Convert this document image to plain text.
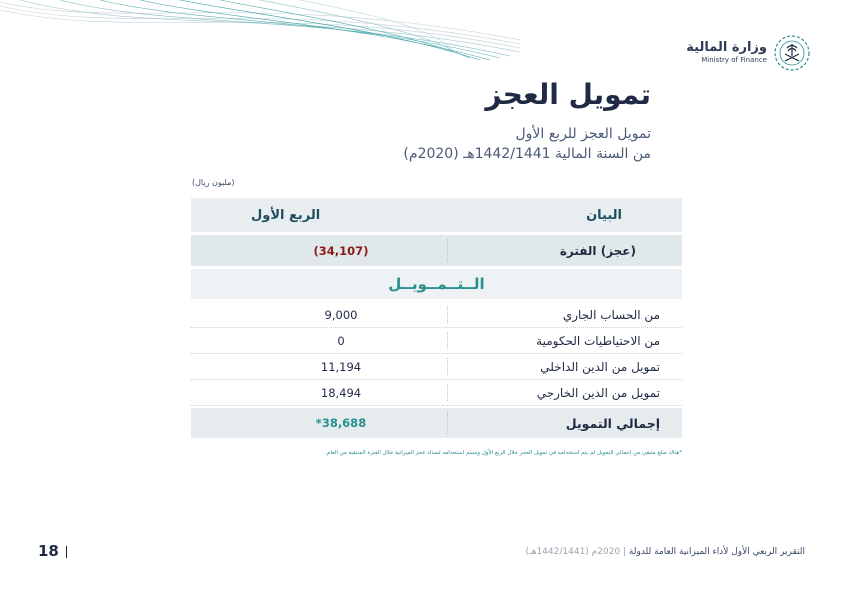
وزارة المالية
Ministry of Finance
تمويل العجز
تمويل العجز للربع الأول
من السنة المالية 1442/1441هـ (2020م)
(مليون ريال)
البيان
الربع الأول
(عجز) الفترة
(34,107)
الــتــمــويــل
من الحساب الجاري
9,000
من الاحتياطيات الحكومية
0
تمويل من الدين الداخلي
11,194
تمويل من الدين الخارجي
18,494
إجمالي التمويل
38,688*
*هناك مبلغ متبقي من إجمالي التمويل لم يتم استخدامه في تمويل العجز خلال الربع الأول وسيتم استخدامه لسداد عجز الميزانية خلال الفترة المتبقية من العام.
18	التقرير الربعي الأول لأداء الميزانية العامة للدولة | 2020م (1442/1441هـ)
